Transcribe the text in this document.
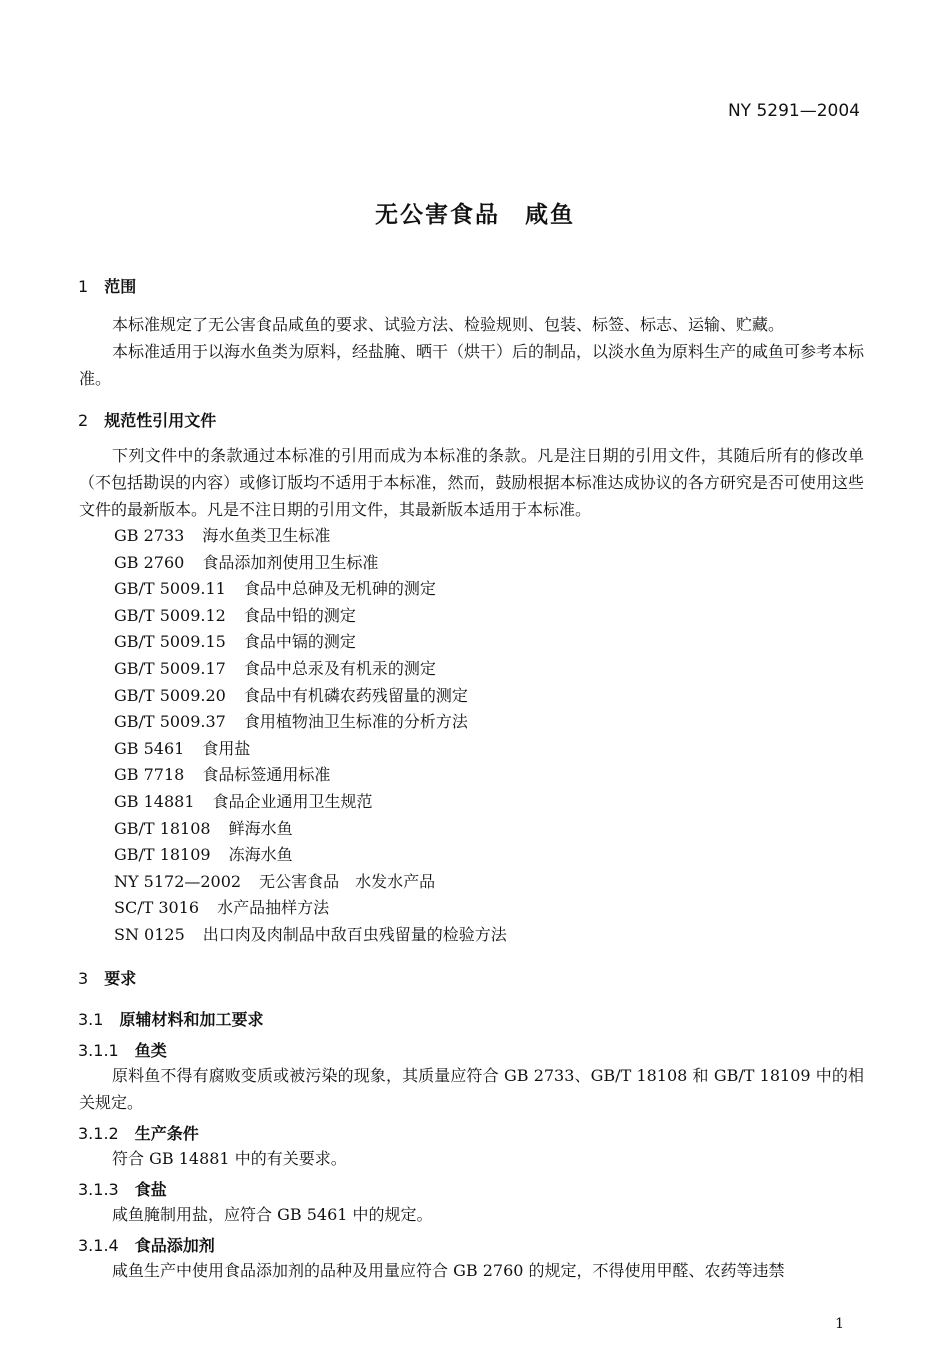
NY 5291—2004
无公害食品　咸鱼
1 范围
本标准规定了无公害食品咸鱼的要求、试验方法、检验规则、包装、标签、标志、运输、贮藏。
本标准适用于以海水鱼类为原料，经盐腌、晒干（烘干）后的制品，以淡水鱼为原料生产的咸鱼可参考本标准。
2 规范性引用文件
下列文件中的条款通过本标准的引用而成为本标准的条款。凡是注日期的引用文件，其随后所有的修改单（不包括勘误的内容）或修订版均不适用于本标准，然而，鼓励根据本标准达成协议的各方研究是否可使用这些文件的最新版本。凡是不注日期的引用文件，其最新版本适用于本标准。
GB 2733 海水鱼类卫生标准
GB 2760 食品添加剂使用卫生标准
GB/T 5009.11 食品中总砷及无机砷的测定
GB/T 5009.12 食品中铅的测定
GB/T 5009.15 食品中镉的测定
GB/T 5009.17 食品中总汞及有机汞的测定
GB/T 5009.20 食品中有机磷农药残留量的测定
GB/T 5009.37 食用植物油卫生标准的分析方法
GB 5461 食用盐
GB 7718 食品标签通用标准
GB 14881 食品企业通用卫生规范
GB/T 18108 鲜海水鱼
GB/T 18109 冻海水鱼
NY 5172—2002 无公害食品　水发水产品
SC/T 3016 水产品抽样方法
SN 0125 出口肉及肉制品中敌百虫残留量的检验方法
3 要求
3.1 原辅材料和加工要求
3.1.1 鱼类
原料鱼不得有腐败变质或被污染的现象，其质量应符合 GB 2733、GB/T 18108 和 GB/T 18109 中的相关规定。
3.1.2 生产条件
符合 GB 14881 中的有关要求。
3.1.3 食盐
咸鱼腌制用盐，应符合 GB 5461 中的规定。
3.1.4 食品添加剂
咸鱼生产中使用食品添加剂的品种及用量应符合 GB 2760 的规定，不得使用甲醛、农药等违禁
1
